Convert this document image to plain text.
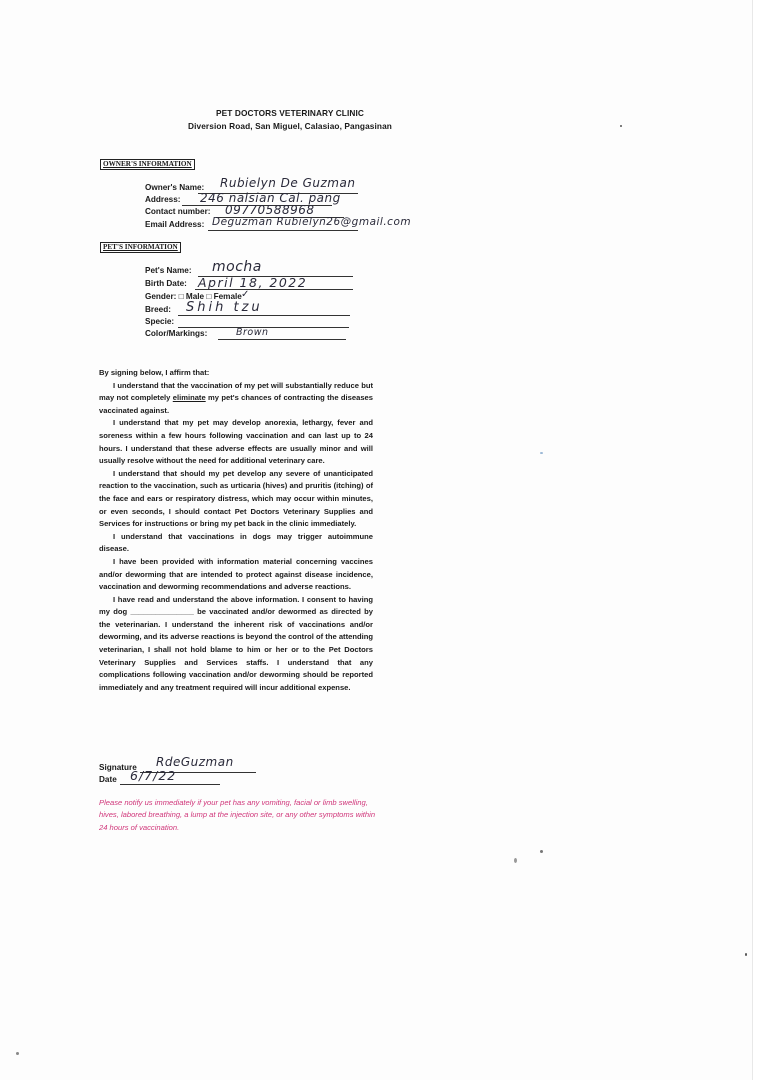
PET DOCTORS VETERINARY CLINIC
Diversion Road, San Miguel, Calasiao, Pangasinan
OWNER'S INFORMATION
Owner's Name: Rubielyn De Guzman
Address: 246 nalsian Cal. pang
Contact number: 09770588968
Email Address: Deguzman Rubielyn26@gmail.com
PET'S INFORMATION
Pet's Name: mocha
Birth Date: April 18, 2022
Gender: □ Male □ Female ✓
Breed: Shih tzu
Specie:
Color/Markings:	Brown

By signing below, I affirm that:

I understand that the vaccination of my pet will substantially reduce but may not completely eliminate my pet's chances of contracting the diseases vaccinated against.

I understand that my pet may develop anorexia, lethargy, fever and soreness within a few hours following vaccination and can last up to 24 hours. I understand that these adverse effects are usually minor and will usually resolve without the need for additional veterinary care.

I understand that should my pet develop any severe of unanticipated reaction to the vaccination, such as urticaria (hives) and pruritis (itching) of the face and ears or respiratory distress, which may occur within minutes, or even seconds, I should contact Pet Doctors Veterinary Supplies and Services for instructions or bring my pet back in the clinic immediately.

I understand that vaccinations in dogs may trigger autoimmune disease.

I have been provided with information material concerning vaccines and/or deworming that are intended to protect against disease incidence, vaccination and deworming recommendations and adverse reactions.

I have read and understand the above information. I consent to having my dog _______________ be vaccinated and/or dewormed as directed by the veterinarian. I understand the inherent risk of vaccinations and/or deworming, and its adverse reactions is beyond the control of the attending veterinarian, I shall not hold blame to him or her or to the Pet Doctors Veterinary Supplies and Services staffs. I understand that any complications following vaccination and/or deworming should be reported immediately and any treatment required will incur additional expense.

Signature RdeGuzman
Date 6/7/22
Please notify us immediately if your pet has any vomiting, facial or limb swelling, hives, labored breathing, a lump at the injection site, or any other symptoms within 24 hours of vaccination.
